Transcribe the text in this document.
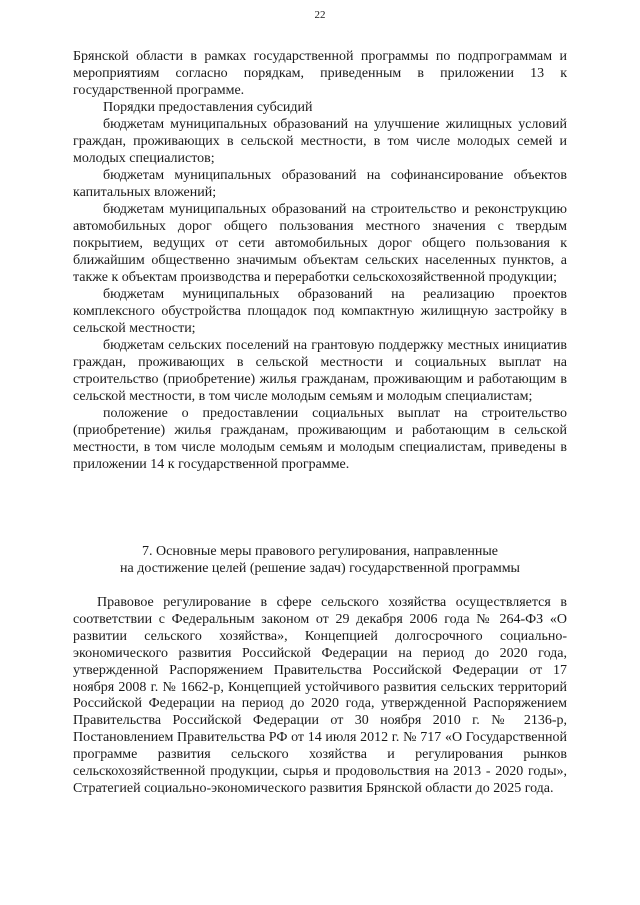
22

Брянской области в рамках государственной программы по подпрограммам и мероприятиям согласно порядкам, приведенным в приложении 13 к государственной программе.

Порядки предоставления субсидий

бюджетам муниципальных образований на улучшение жилищных условий граждан, проживающих в сельской местности, в том числе молодых семей и молодых специалистов;

бюджетам муниципальных образований на софинансирование объектов капитальных вложений;

бюджетам муниципальных образований на строительство и реконструкцию автомобильных дорог общего пользования местного значения с твердым покрытием, ведущих от сети автомобильных дорог общего пользования к ближайшим общественно значимым объектам сельских населенных пунктов, а также к объектам производства и переработки сельскохозяйственной продукции;

бюджетам муниципальных образований на реализацию проектов комплексного обустройства площадок под компактную жилищную застройку в сельской местности;

бюджетам сельских поселений на грантовую поддержку местных инициатив граждан, проживающих в сельской местности и социальных выплат на строительство (приобретение) жилья гражданам, проживающим и работающим в сельской местности, в том числе молодым семьям и молодым специалистам;

положение о предоставлении социальных выплат на строительство (приобретение) жилья гражданам, проживающим и работающим в сельской местности, в том числе молодым семьям и молодым специалистам, приведены в приложении 14 к государственной программе.

7. Основные меры правового регулирования, направленные
на достижение целей (решение задач) государственной программы

Правовое регулирование в сфере сельского хозяйства осуществляется в соответствии с Федеральным законом от 29 декабря 2006 года № 264-ФЗ «О развитии сельского хозяйства», Концепцией долгосрочного социально-экономического развития Российской Федерации на период до 2020 года, утвержденной Распоряжением Правительства Российской Федерации от 17 ноября 2008 г. № 1662-р, Концепцией устойчивого развития сельских территорий Российской Федерации на период до 2020 года, утвержденной Распоряжением Правительства Российской Федерации от 30 ноября 2010 г. № 2136-р, Постановлением Правительства РФ от 14 июля 2012 г. № 717 «О Государственной программе развития сельского хозяйства и регулирования рынков сельскохозяйственной продукции, сырья и продовольствия на 2013 - 2020 годы», Стратегией социально-экономического развития Брянской области до 2025 года.
